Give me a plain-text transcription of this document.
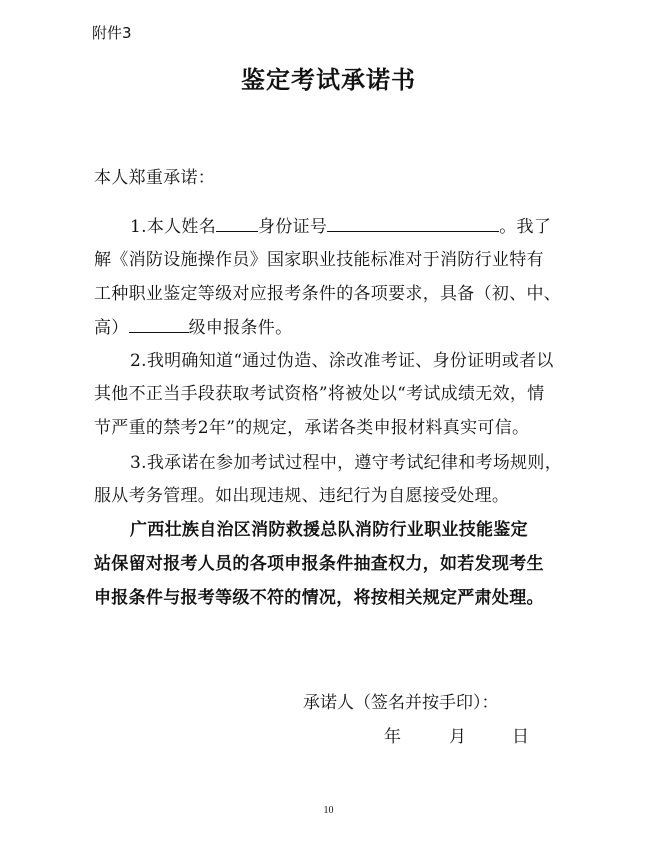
附件3
鉴定考试承诺书
本人郑重承诺：
1.本人姓名 身份证号	。我了
解《消防设施操作员》国家职业技能标准对于消防行业特有
工种职业鉴定等级对应报考条件的各项要求，具备（初、中、
高）	级申报条件。
2.我明确知道“通过伪造、涂改准考证、身份证明或者以
其他不正当手段获取考试资格”将被处以“考试成绩无效，情
节严重的禁考2年”的规定，承诺各类申报材料真实可信。
3.我承诺在参加考试过程中，遵守考试纪律和考场规则，
服从考务管理。如出现违规、违纪行为自愿接受处理。
广西壮族自治区消防救援总队消防行业职业技能鉴定
站保留对报考人员的各项申报条件抽查权力，如若发现考生
申报条件与报考等级不符的情况，将按相关规定严肃处理。
承诺人（签名并按手印）：
年	月	日
10
